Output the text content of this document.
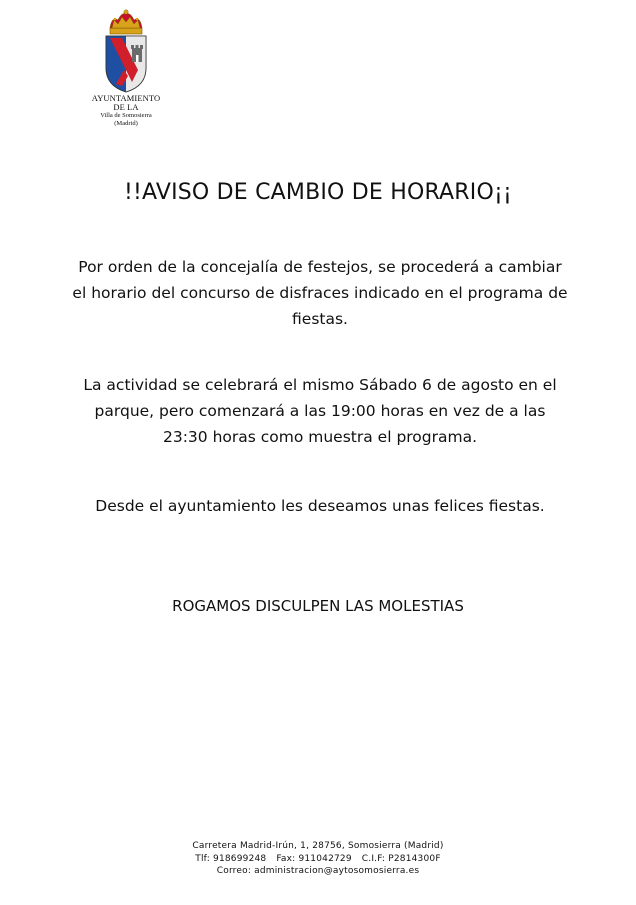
AYUNTAMIENTO
DE LA
Villa de Somosierra
(Madrid)
!!AVISO DE CAMBIO DE HORARIO¡¡
Por orden de la concejalía de festejos, se procederá a cambiar el horario del concurso de disfraces indicado en el programa de fiestas.
La actividad se celebrará el mismo Sábado 6 de agosto en el parque, pero comenzará a las 19:00 horas en vez de a las 23:30 horas como muestra el programa.
Desde el ayuntamiento les deseamos unas felices fiestas.
ROGAMOS DISCULPEN LAS MOLESTIAS
Carretera Madrid-Irún, 1, 28756, Somosierra (Madrid)
Tlf: 918699248 Fax: 911042729 C.I.F: P2814300F
Correo: administracion@aytosomosierra.es
